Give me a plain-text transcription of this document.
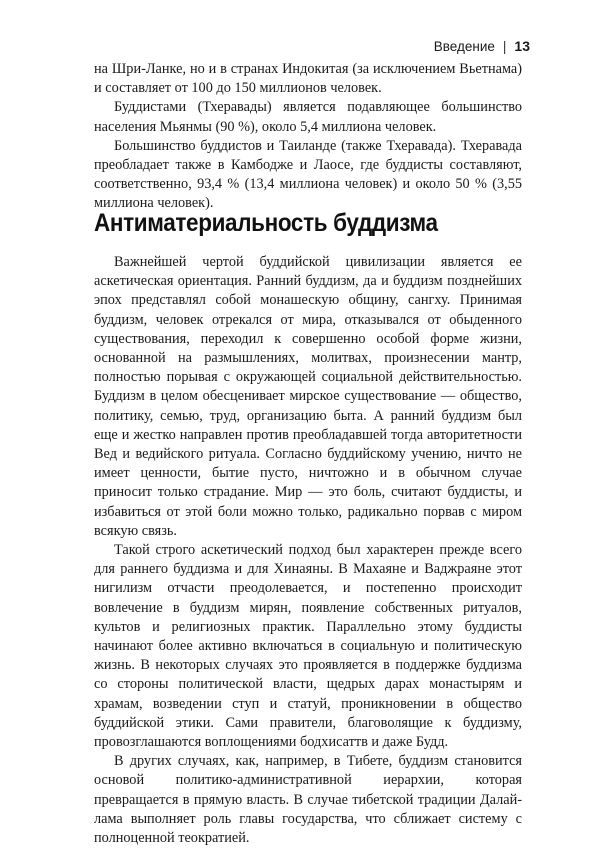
Введение | 13

на Шри-Ланке, но и в странах Индокитая (за исключением Вьетнама) и составляет от 100 до 150 миллионов человек.

Буддистами (Тхеравады) является подавляющее большинство населения Мьянмы (90 %), около 5,4 миллиона человек.

Большинство буддистов и Таиланде (также Тхеравада). Тхеравада преобладает также в Камбодже и Лаосе, где буддисты составляют, соответственно, 93,4 % (13,4 миллиона человек) и около 50 % (3,55 миллиона человек).

Антиматериальность буддизма

Важнейшей чертой буддийской цивилизации является ее аскетическая ориентация. Ранний буддизм, да и буддизм позднейших эпох представлял собой монашескую общину, сангху. Принимая буддизм, человек отрекался от мира, отказывался от обыденного существования, переходил к совершенно особой форме жизни, основанной на размышлениях, молитвах, произнесении мантр, полностью порывая с окружающей социальной действительностью. Буддизм в целом обесценивает мирское существование — общество, политику, семью, труд, организацию быта. А ранний буддизм был еще и жестко направлен против преобладавшей тогда авторитетности Вед и ведийского ритуала. Согласно буддийскому учению, ничто не имеет ценности, бытие пусто, ничтожно и в обычном случае приносит только страдание. Мир — это боль, считают буддисты, и избавиться от этой боли можно только, радикально порвав с миром всякую связь.

Такой строго аскетический подход был характерен прежде всего для раннего буддизма и для Хинаяны. В Махаяне и Ваджраяне этот нигилизм отчасти преодолевается, и постепенно происходит вовлечение в буддизм мирян, появление собственных ритуалов, культов и религиозных практик. Параллельно этому буддисты начинают более активно включаться в социальную и политическую жизнь. В некоторых случаях это проявляется в поддержке буддизма со стороны политической власти, щедрых дарах монастырям и храмам, возведении ступ и статуй, проникновении в общество буддийской этики. Сами правители, благоволящие к буддизму, провозглашаются воплощениями бодхисаттв и даже Будд.

В других случаях, как, например, в Тибете, буддизм становится основой политико-административной иерархии, которая превращается в прямую власть. В случае тибетской традиции Далай-лама выполняет роль главы государства, что сближает систему с полноценной теократией.
